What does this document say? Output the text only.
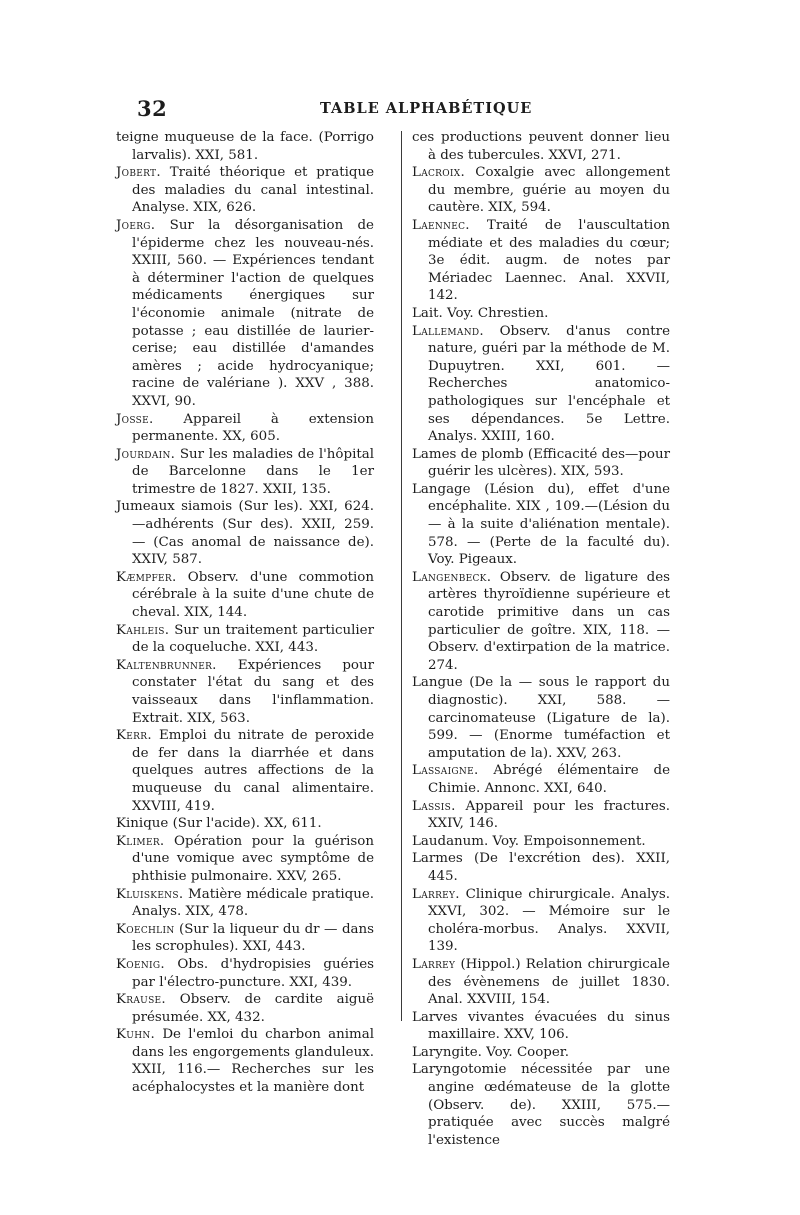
32	TABLE ALPHABÉTIQUE

teigne muqueuse de la face. (Porrigo larvalis). XXI, 581.

Jobert. Traité théorique et pratique des maladies du canal intestinal. Analyse. XIX, 626.

Joerg. Sur la désorganisation de l'épiderme chez les nouveau-nés. XXIII, 560. — Expériences tendant à déterminer l'action de quelques médicaments énergiques sur l'économie animale (nitrate de potasse ; eau distillée de laurier-cerise; eau distillée d'amandes amères ; acide hydrocyanique; racine de valériane ). XXV , 388. XXVI, 90.

Josse. Appareil à extension permanente. XX, 605.

Jourdain. Sur les maladies de l'hôpital de Barcelonne dans le 1er trimestre de 1827. XXII, 135.

Jumeaux siamois (Sur les). XXI, 624. —adhérents (Sur des). XXII, 259. — (Cas anomal de naissance de). XXIV, 587.

Kæmpfer. Observ. d'une commotion cérébrale à la suite d'une chute de cheval. XIX, 144.

Kahleis. Sur un traitement particulier de la coqueluche. XXI, 443.

Kaltenbrunner. Expériences pour constater l'état du sang et des vaisseaux dans l'inflammation. Extrait. XIX, 563.

Kerr. Emploi du nitrate de peroxide de fer dans la diarrhée et dans quelques autres affections de la muqueuse du canal alimentaire. XXVIII, 419.

Kinique (Sur l'acide). XX, 611.

Klimer. Opération pour la guérison d'une vomique avec symptôme de phthisie pulmonaire. XXV, 265.

Kluiskens. Matière médicale pratique. Analys. XIX, 478.

Koechlin (Sur la liqueur du dr — dans les scrophules). XXI, 443.

Koenig. Obs. d'hydropisies guéries par l'électro-puncture. XXI, 439.

Krause. Observ. de cardite aiguë présumée. XX, 432.

Kuhn. De l'emloi du charbon animal dans les engorgements glanduleux. XXII, 116.— Recherches sur les acéphalocystes et la manière dont

ces productions peuvent donner lieu à des tubercules. XXVI, 271.

Lacroix. Coxalgie avec allongement du membre, guérie au moyen du cautère. XIX, 594.

Laennec. Traité de l'auscultation médiate et des maladies du cœur; 3e édit. augm. de notes par Mériadec Laennec. Anal. XXVII, 142.

Lait. Voy. Chrestien.

Lallemand. Observ. d'anus contre nature, guéri par la méthode de M. Dupuytren. XXI, 601. — Recherches anatomico-pathologiques sur l'encéphale et ses dépendances. 5e Lettre. Analys. XXIII, 160.

Lames de plomb (Efficacité des—pour guérir les ulcères). XIX, 593.

Langage (Lésion du), effet d'une encéphalite. XIX , 109.—(Lésion du — à la suite d'aliénation mentale). 578. — (Perte de la faculté du). Voy. Pigeaux.

Langenbeck. Observ. de ligature des artères thyroïdienne supérieure et carotide primitive dans un cas particulier de goître. XIX, 118. — Observ. d'extirpation de la matrice. 274.

Langue (De la — sous le rapport du diagnostic). XXI, 588. — carcinomateuse (Ligature de la). 599. — (Enorme tuméfaction et amputation de la). XXV, 263.

Lassaigne. Abrégé élémentaire de Chimie. Annonc. XXI, 640.

Lassis. Appareil pour les fractures. XXIV, 146.

Laudanum. Voy. Empoisonnement.

Larmes (De l'excrétion des). XXII, 445.

Larrey. Clinique chirurgicale. Analys. XXVI, 302. — Mémoire sur le choléra-morbus. Analys. XXVII, 139.

Larrey (Hippol.) Relation chirurgicale des évènemens de juillet 1830. Anal. XXVIII, 154.

Larves vivantes évacuées du sinus maxillaire. XXV, 106.

Laryngite. Voy. Cooper.

Laryngotomie nécessitée par une angine œdémateuse de la glotte (Observ. de). XXIII, 575.— pratiquée avec succès malgré l'existence
